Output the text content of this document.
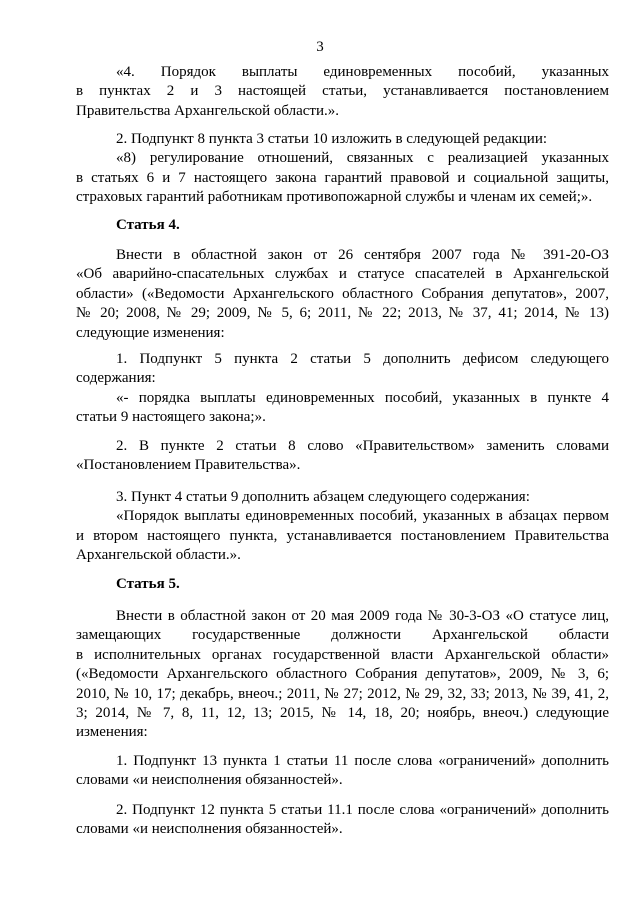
3
«4. Порядок выплаты единовременных пособий, указанных
в пунктах 2 и 3 настоящей статьи, устанавливается постановлением
Правительства Архангельской области.».
2. Подпункт 8 пункта 3 статьи 10 изложить в следующей редакции:
«8) регулирование отношений, связанных с реализацией указанных
в статьях 6 и 7 настоящего закона гарантий правовой и социальной защиты,
страховых гарантий работникам противопожарной службы и членам их семей;».
Статья 4.
Внести в областной закон от 26 сентября 2007 года № 391-20-ОЗ
«Об аварийно-спасательных службах и статусе спасателей в Архангельской
области» («Ведомости Архангельского областного Собрания депутатов», 2007,
№ 20; 2008, № 29; 2009, № 5, 6; 2011, № 22; 2013, № 37, 41; 2014, № 13)
следующие изменения:
1. Подпункт 5 пункта 2 статьи 5 дополнить дефисом следующего
содержания:
«- порядка выплаты единовременных пособий, указанных в пункте 4
статьи 9 настоящего закона;».
2. В пункте 2 статьи 8 слово «Правительством» заменить словами
«Постановлением Правительства».
3. Пункт 4 статьи 9 дополнить абзацем следующего содержания:
«Порядок выплаты единовременных пособий, указанных в абзацах первом
и втором настоящего пункта, устанавливается постановлением Правительства
Архангельской области.».
Статья 5.
Внести в областной закон от 20 мая 2009 года № 30-3-ОЗ «О статусе лиц,
замещающих государственные должности Архангельской области
в исполнительных органах государственной власти Архангельской области»
(«Ведомости Архангельского областного Собрания депутатов», 2009, № 3, 6;
2010, № 10, 17; декабрь, внеоч.; 2011, № 27; 2012, № 29, 32, 33; 2013, № 39, 41, 2,
3; 2014, № 7, 8, 11, 12, 13; 2015, № 14, 18, 20; ноябрь, внеоч.) следующие
изменения:
1. Подпункт 13 пункта 1 статьи 11 после слова «ограничений» дополнить
словами «и неисполнения обязанностей».
2. Подпункт 12 пункта 5 статьи 11.1 после слова «ограничений» дополнить
словами «и неисполнения обязанностей».
